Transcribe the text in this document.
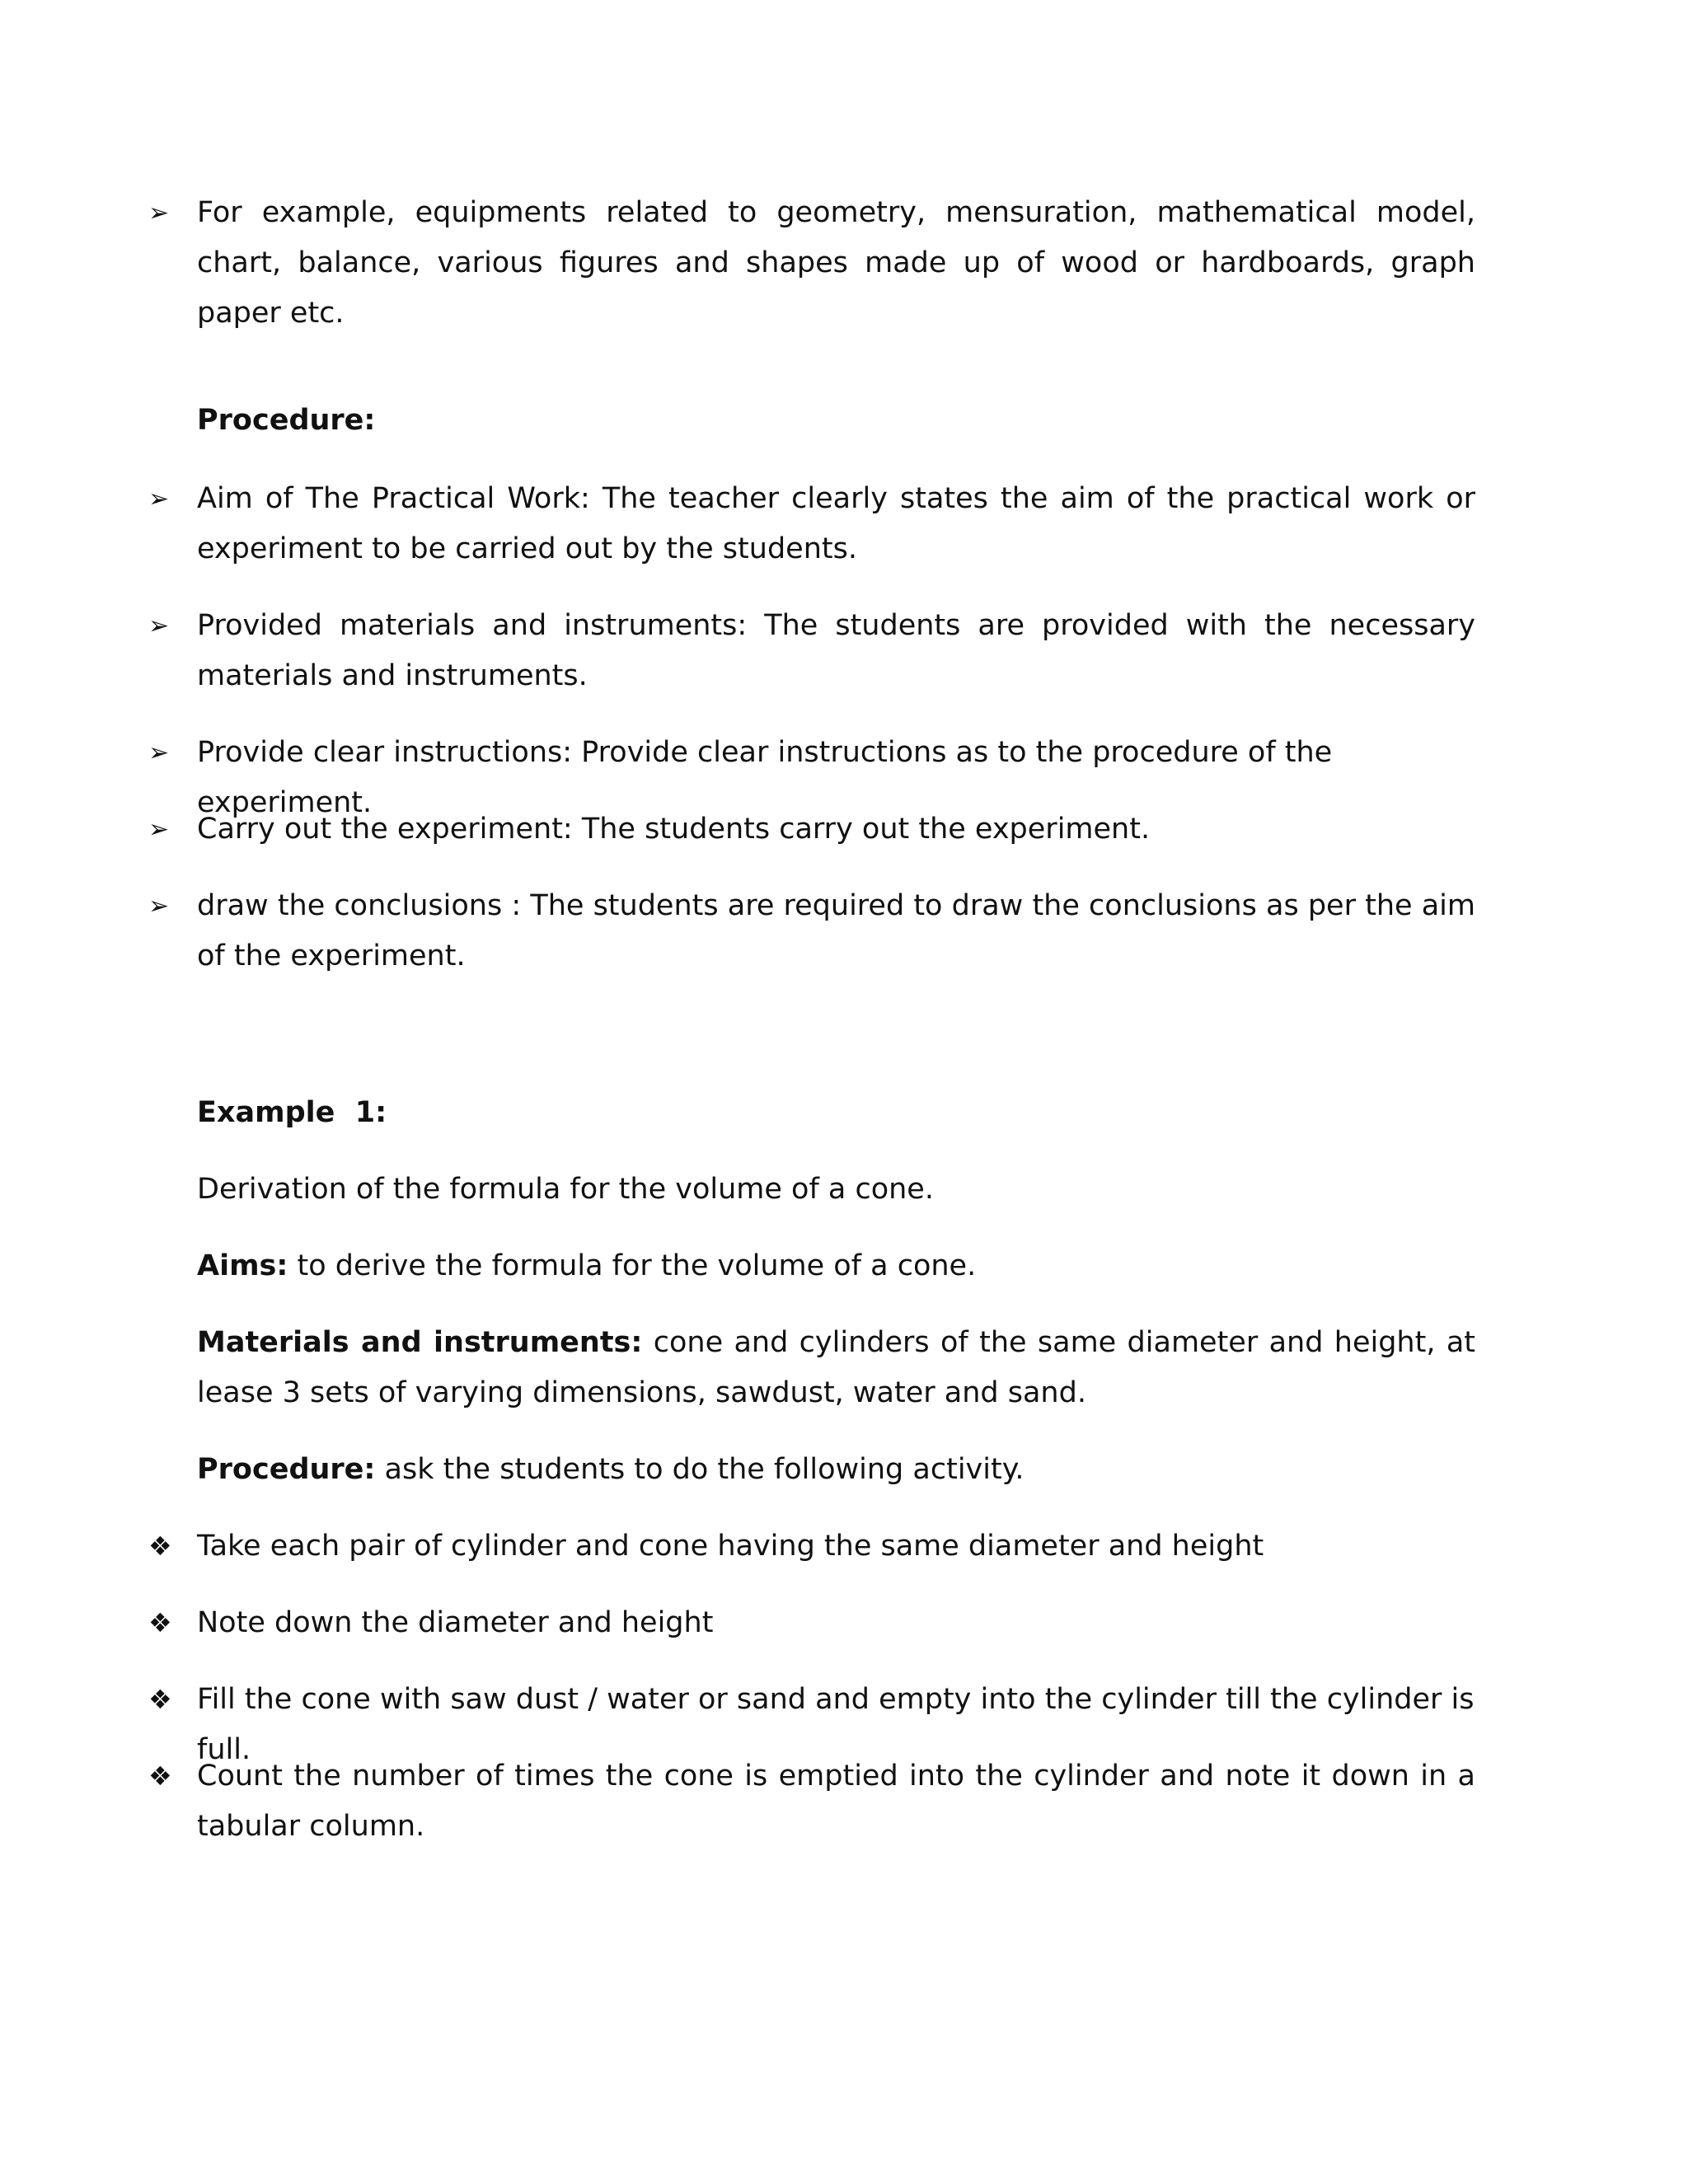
➢ For example, equipments related to geometry, mensuration, mathematical model, chart, balance, various figures and shapes made up of wood or hardboards, graph paper etc.
Procedure:
➢ Aim of The Practical Work: The teacher clearly states the aim of the practical work or experiment to be carried out by the students.
➢ Provided materials and instruments: The students are provided with the necessary materials and instruments.
➢ Provide clear instructions: Provide clear instructions as to the procedure of the experiment.
➢ Carry out the experiment: The students carry out the experiment.
➢ draw the conclusions : The students are required to draw the conclusions as per the aim of the experiment.
Example  1:
Derivation of the formula for the volume of a cone.
Aims: to derive the formula for the volume of a cone.
Materials and instruments: cone and cylinders of the same diameter and height, at lease 3 sets of varying dimensions, sawdust, water and sand.
Procedure: ask the students to do the following activity.
❖ Take each pair of cylinder and cone having the same diameter and height
❖ Note down the diameter and height
❖ Fill the cone with saw dust / water or sand and empty into the cylinder till the cylinder is full.
❖ Count the number of times the cone is emptied into the cylinder and note it down in a tabular column.
